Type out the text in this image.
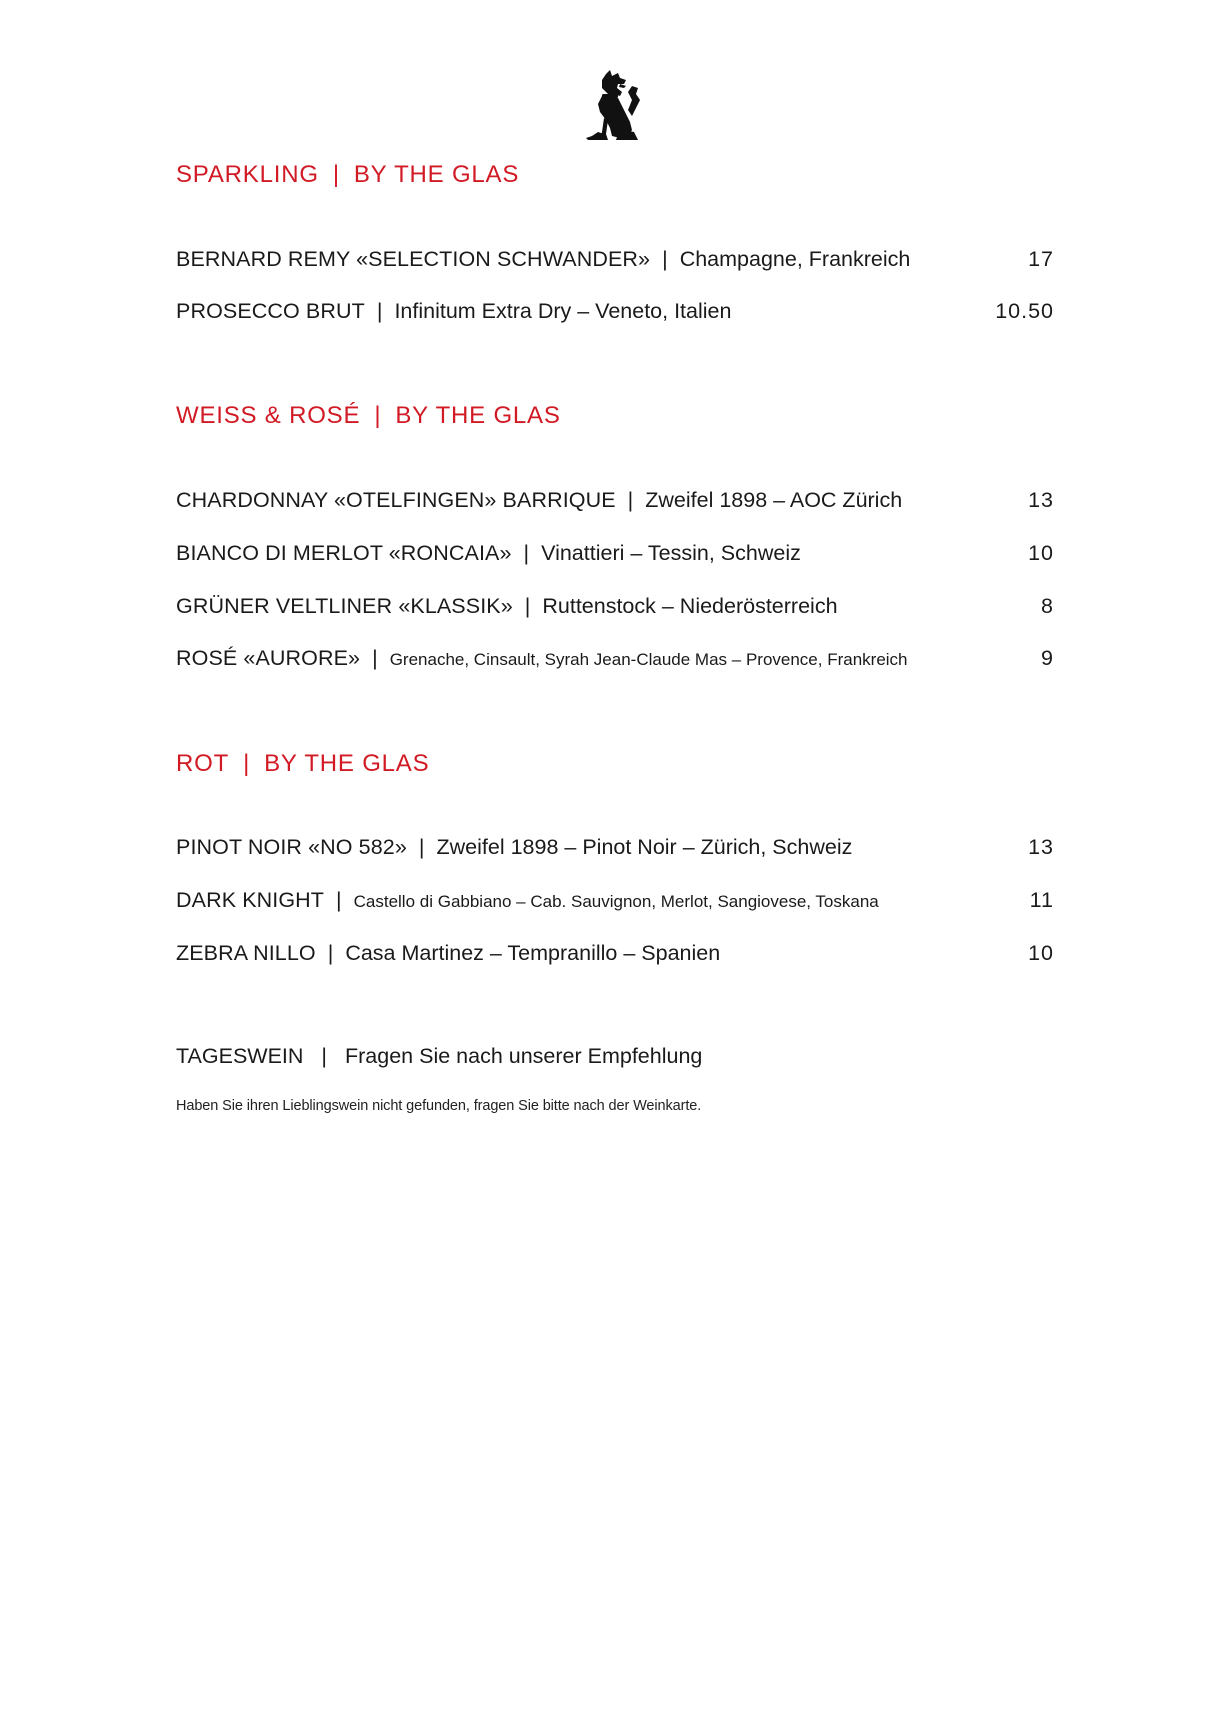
SPARKLING | BY THE GLAS
BERNARD REMY «SELECTION SCHWANDER» | Champagne, Frankreich	17
PROSECCO BRUT | Infinitum Extra Dry – Veneto, Italien	10.50
WEISS & ROSÉ | BY THE GLAS
CHARDONNAY «OTELFINGEN» BARRIQUE | Zweifel 1898 – AOC Zürich	13
BIANCO DI MERLOT «RONCAIA» | Vinattieri – Tessin, Schweiz	10
GRÜNER VELTLINER «KLASSIK» | Ruttenstock – Niederösterreich	8
ROSÉ «AURORE» | Grenache, Cinsault, Syrah Jean-Claude Mas – Provence, Frankreich	9
ROT | BY THE GLAS
PINOT NOIR «NO 582» | Zweifel 1898 – Pinot Noir – Zürich, Schweiz	13
DARK KNIGHT | Castello di Gabbiano – Cab. Sauvignon, Merlot, Sangiovese, Toskana	11
ZEBRA NILLO | Casa Martinez – Tempranillo – Spanien	10
TAGESWEIN | Fragen Sie nach unserer Empfehlung
Haben Sie ihren Lieblingswein nicht gefunden, fragen Sie bitte nach der Weinkarte.
